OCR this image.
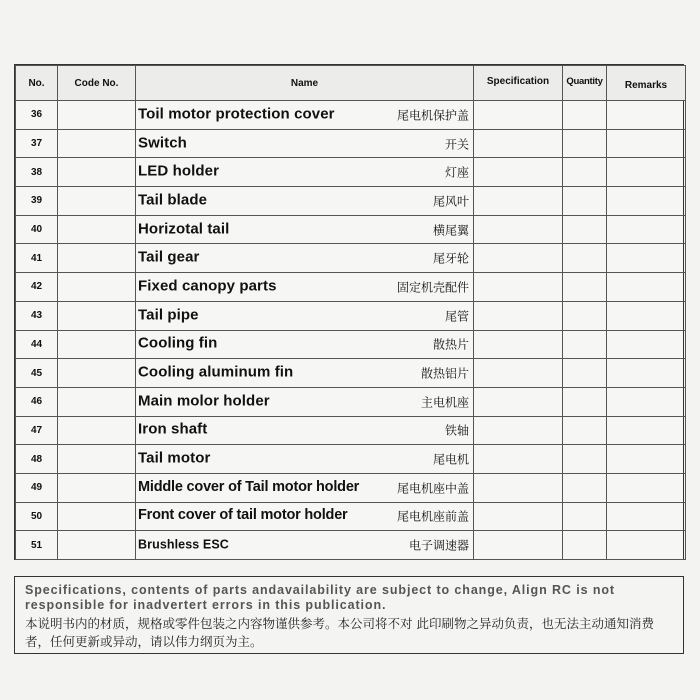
No.	Code No.	Name	Specification	Quantity	Remarks
36		Toil motor protection cover 尾电机保护盖			

37		Switch 开关			

38		LED holder 灯座			

39		Tail blade 尾风叶			

40		Horizotal tail 横尾翼			

41		Tail gear 尾牙轮			

42		Fixed canopy parts 固定机壳配件			

43		Tail pipe 尾管			

44		Cooling fin 散热片			

45		Cooling aluminum fin 散热铝片			

46		Main molor holder 主电机座			

47		Iron shaft 铁轴			

48		Tail motor 尾电机			

49		Middle cover of Tail motor holder 尾电机座中盖			

50		Front cover of tail motor holder 尾电机座前盖			

51		Brushless ESC 电子调速器			

Specifications, contents of parts andavailability are subject to change, Align RC is not responsible for inadvertert errors in this publication.
本说明书内的材质，规格或零件包装之内容物谨供参考。本公司将不对 此印刷物之异动负责，也无法主动通知消费者，任何更新或异动，请以伟力纲页为主。
